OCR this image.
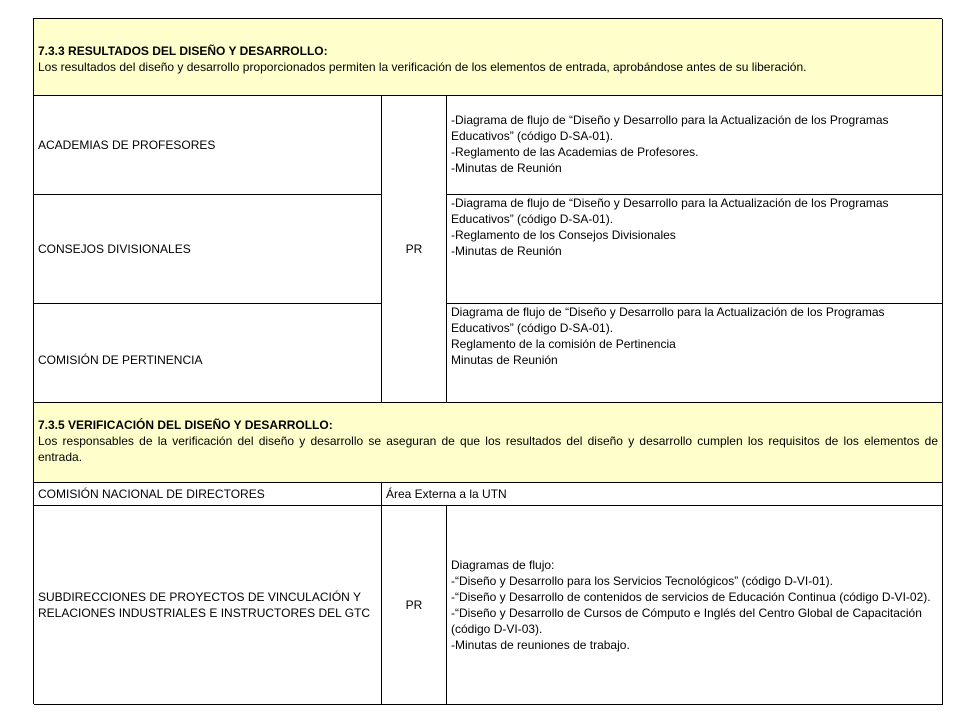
7.3.3 RESULTADOS DEL DISEÑO Y DESARROLLO:
Los resultados del diseño y desarrollo proporcionados permiten la verificación de los elementos de entrada, aprobándose antes de su liberación.
ACADEMIAS DE PROFESORES
PR
-Diagrama de flujo de “Diseño y Desarrollo para la Actualización de los Programas Educativos” (código D-SA-01).
-Reglamento de las Academias de Profesores.
-Minutas de Reunión
CONSEJOS DIVISIONALES
-Diagrama de flujo de “Diseño y Desarrollo para la Actualización de los Programas Educativos” (código D-SA-01).
-Reglamento de los Consejos Divisionales
-Minutas de Reunión
COMISIÓN DE PERTINENCIA
Diagrama de flujo de “Diseño y Desarrollo para la Actualización de los Programas Educativos” (código D-SA-01).
Reglamento de la comisión de Pertinencia
Minutas de Reunión
7.3.5 VERIFICACIÓN DEL DISEÑO Y DESARROLLO:
Los responsables de la verificación del diseño y desarrollo se aseguran de que los resultados del diseño y desarrollo cumplen los requisitos de los elementos de entrada.
COMISIÓN NACIONAL DE DIRECTORES	Área Externa a la UTN
SUBDIRECCIONES DE PROYECTOS DE VINCULACIÓN Y RELACIONES INDUSTRIALES E INSTRUCTORES DEL GTC
PR
Diagramas de flujo:
-“Diseño y Desarrollo para los Servicios Tecnológicos” (código D-VI-01).
-“Diseño y Desarrollo de contenidos de servicios de Educación Continua (código D-VI-02).
-“Diseño y Desarrollo de Cursos de Cómputo e Inglés del Centro Global de Capacitación (código D-VI-03).
-Minutas de reuniones de trabajo.
